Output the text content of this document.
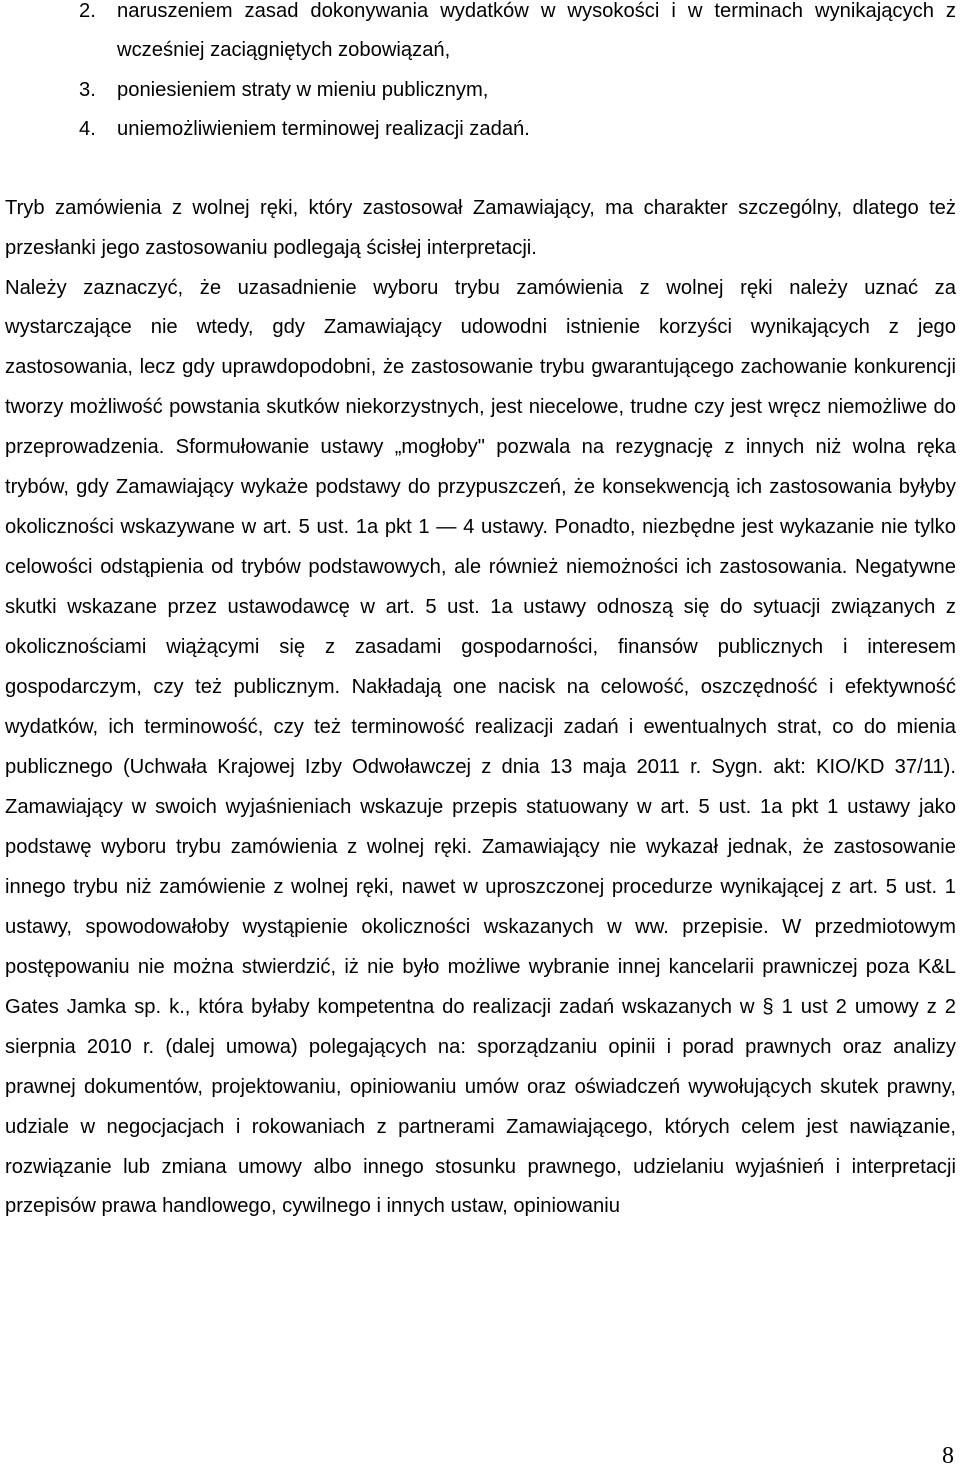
2.	naruszeniem zasad dokonywania wydatków w wysokości i w terminach wynikających z wcześniej zaciągniętych zobowiązań,
3.	poniesieniem straty w mieniu publicznym,
4.	uniemożliwieniem terminowej realizacji zadań.

Tryb zamówienia z wolnej ręki, który zastosował Zamawiający, ma charakter szczególny, dlatego też przesłanki jego zastosowaniu podlegają ścisłej interpretacji.

Należy zaznaczyć, że uzasadnienie wyboru trybu zamówienia z wolnej ręki należy uznać za wystarczające nie wtedy, gdy Zamawiający udowodni istnienie korzyści wynikających z jego zastosowania, lecz gdy uprawdopodobni, że zastosowanie trybu gwarantującego zachowanie konkurencji tworzy możliwość powstania skutków niekorzystnych, jest niecelowe, trudne czy jest wręcz niemożliwe do przeprowadzenia. Sformułowanie ustawy „mogłoby" pozwala na rezygnację z innych niż wolna ręka trybów, gdy Zamawiający wykaże podstawy do przypuszczeń, że konsekwencją ich zastosowania byłyby okoliczności wskazywane w art. 5 ust. 1a pkt 1 — 4 ustawy. Ponadto, niezbędne jest wykazanie nie tylko celowości odstąpienia od trybów podstawowych, ale również niemożności ich zastosowania. Negatywne skutki wskazane przez ustawodawcę w art. 5 ust. 1a ustawy odnoszą się do sytuacji związanych z okolicznościami wiążącymi się z zasadami gospodarności, finansów publicznych i interesem gospodarczym, czy też publicznym. Nakładają one nacisk na celowość, oszczędność i efektywność wydatków, ich terminowość, czy też terminowość realizacji zadań i ewentualnych strat, co do mienia publicznego (Uchwała Krajowej Izby Odwoławczej z dnia 13 maja 2011 r. Sygn. akt: KIO/KD 37/11). Zamawiający w swoich wyjaśnieniach wskazuje przepis statuowany w art. 5 ust. 1a pkt 1 ustawy jako podstawę wyboru trybu zamówienia z wolnej ręki. Zamawiający nie wykazał jednak, że zastosowanie innego trybu niż zamówienie z wolnej ręki, nawet w uproszczonej procedurze wynikającej z art. 5 ust. 1 ustawy, spowodowałoby wystąpienie okoliczności wskazanych w ww. przepisie. W przedmiotowym postępowaniu nie można stwierdzić, iż nie było możliwe wybranie innej kancelarii prawniczej poza K&L Gates Jamka sp. k., która byłaby kompetentna do realizacji zadań wskazanych w § 1 ust 2 umowy z 2 sierpnia 2010 r. (dalej umowa) polegających na: sporządzaniu opinii i porad prawnych oraz analizy prawnej dokumentów, projektowaniu, opiniowaniu umów oraz oświadczeń wywołujących skutek prawny, udziale w negocjacjach i rokowaniach z partnerami Zamawiającego, których celem jest nawiązanie, rozwiązanie lub zmiana umowy albo innego stosunku prawnego, udzielaniu wyjaśnień i interpretacji przepisów prawa handlowego, cywilnego i innych ustaw, opiniowaniu

8
